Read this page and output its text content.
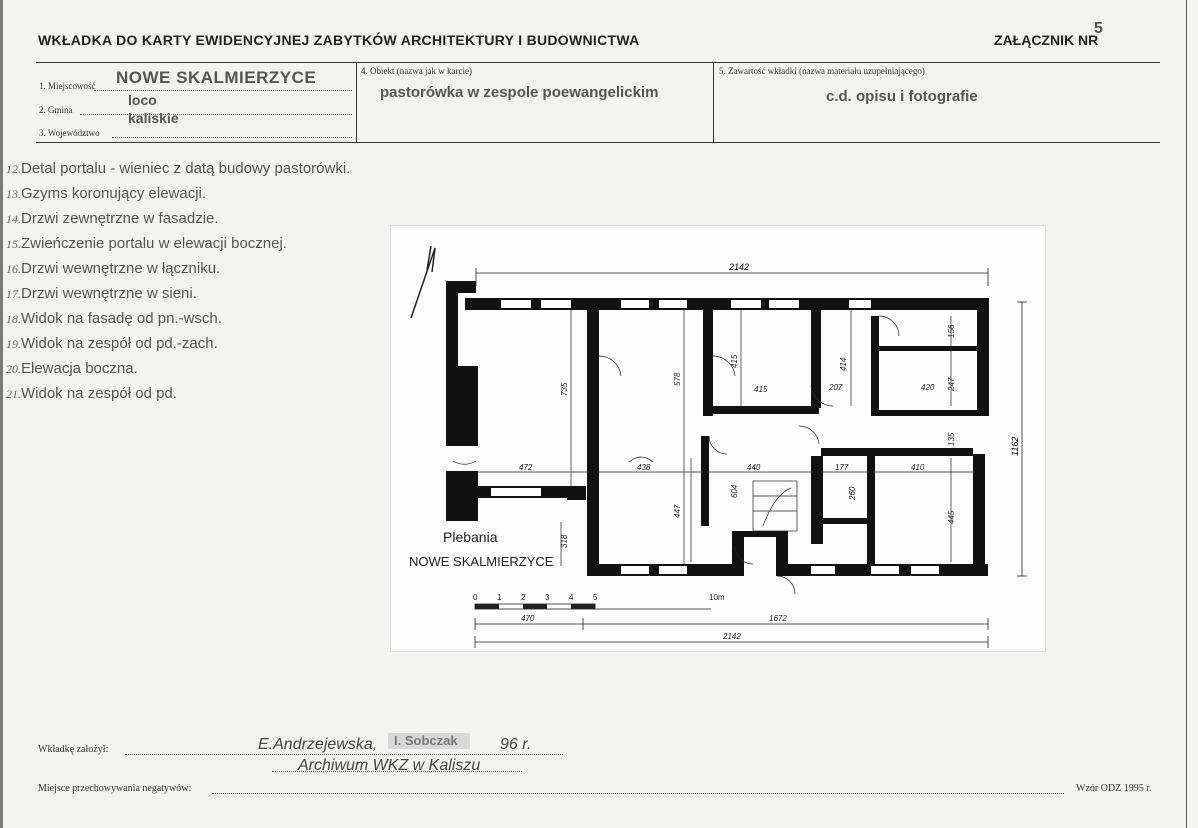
WKŁADKA DO KARTY EWIDENCYJNEJ ZABYTKÓW ARCHITEKTURY I BUDOWNICTWA	ZAŁĄCZNIK NR
5
1. Miejscowość NOWE SKALMIERZYCE
2. Gmina
loco
3. Województwo
kaliskie
4. Obiekt (nazwa jak w karcie)
pastorówka w zespole poewangelickim
5. Zawartość wkładki (nazwa materiału uzupełniającego)
c.d. opisu i fotografie
12.Detal portalu - wieniec z datą budowy pastorówki.
13.Gzyms koronujący elewacji.
14.Drzwi zewnętrzne w fasadzie.
15.Zwieńczenie portalu w elewacji bocznej.
16.Drzwi wewnętrzne w łączniku.
17.Drzwi wewnętrzne w sieni.
18.Widok na fasadę od pn.-wsch.
19.Widok na zespół od pd.-zach.
20.Elewacja boczna.
21.Widok na zespół od pd.
2142
1162
735
578
415
415
414
207
156
420 247
135
472	438	440	177	410
604	260
447	445
318
Plebania
NOWE SKALMIERZYCE
0 1 2 3 4 5	10m
470	1672
2142
Wkładkę założył:	E.Andrzejewska, I. Sobczak	96 r.
Archiwum WKZ w Kaliszu
Miejsce przechowywania negatywów:	Wzór ODZ 1995 r.
